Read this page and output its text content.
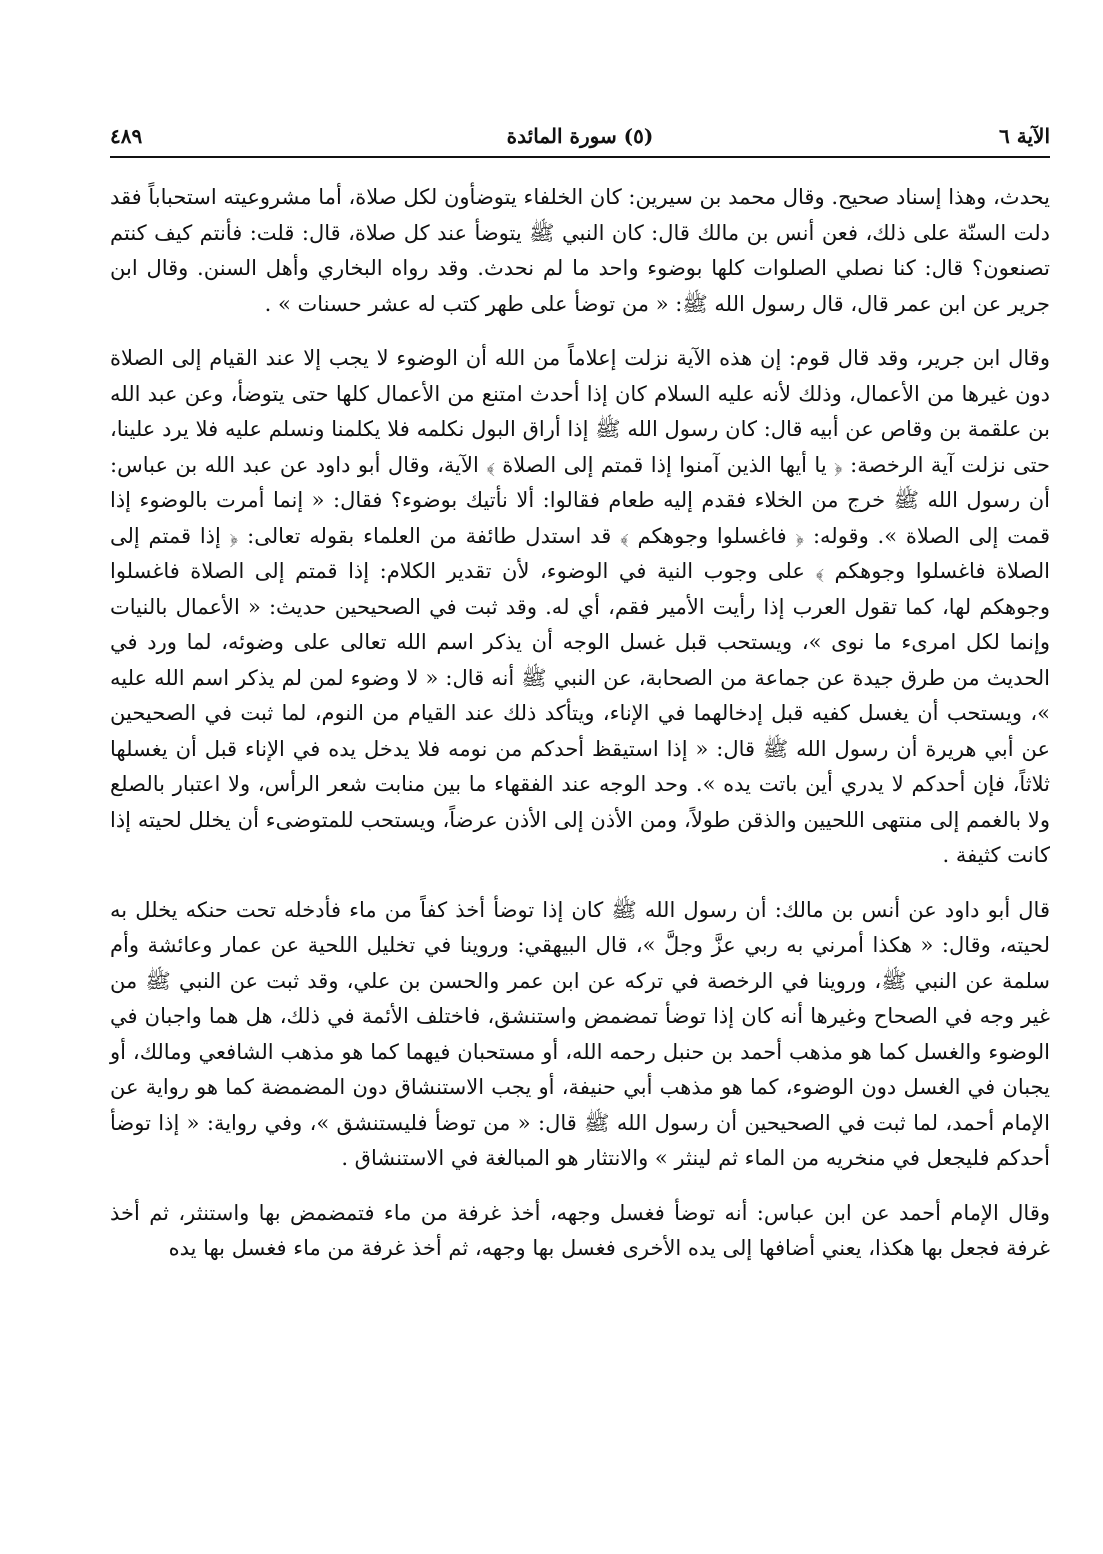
الآية ٦
(٥) سورة المائدة
٤٨٩

يحدث، وهذا إسناد صحيح. وقال محمد بن سيرين: كان الخلفاء يتوضأون لكل صلاة، أما مشروعيته استحباباً فقد دلت السنّة على ذلك، فعن أنس بن مالك قال: كان النبي ﷺ يتوضأ عند كل صلاة، قال: قلت: فأنتم كيف كنتم تصنعون؟ قال: كنا نصلي الصلوات كلها بوضوء واحد ما لم نحدث. وقد رواه البخاري وأهل السنن. وقال ابن جرير عن ابن عمر قال، قال رسول الله ﷺ: « من توضأ على طهر كتب له عشر حسنات » .

وقال ابن جرير، وقد قال قوم: إن هذه الآية نزلت إعلاماً من الله أن الوضوء لا يجب إلا عند القيام إلى الصلاة دون غيرها من الأعمال، وذلك لأنه عليه السلام كان إذا أحدث امتنع من الأعمال كلها حتى يتوضأ، وعن عبد الله بن علقمة بن وقاص عن أبيه قال: كان رسول الله ﷺ إذا أراق البول نكلمه فلا يكلمنا ونسلم عليه فلا يرد علينا، حتى نزلت آية الرخصة: ﴿ يا أيها الذين آمنوا إذا قمتم إلى الصلاة ﴾ الآية، وقال أبو داود عن عبد الله بن عباس: أن رسول الله ﷺ خرج من الخلاء فقدم إليه طعام فقالوا: ألا نأتيك بوضوء؟ فقال: « إنما أمرت بالوضوء إذا قمت إلى الصلاة ». وقوله: ﴿ فاغسلوا وجوهكم ﴾ قد استدل طائفة من العلماء بقوله تعالى: ﴿ إذا قمتم إلى الصلاة فاغسلوا وجوهكم ﴾ على وجوب النية في الوضوء، لأن تقدير الكلام: إذا قمتم إلى الصلاة فاغسلوا وجوهكم لها، كما تقول العرب إذا رأيت الأمير فقم، أي له. وقد ثبت في الصحيحين حديث: « الأعمال بالنيات وإنما لكل امرىء ما نوى »، ويستحب قبل غسل الوجه أن يذكر اسم الله تعالى على وضوئه، لما ورد في الحديث من طرق جيدة عن جماعة من الصحابة، عن النبي ﷺ أنه قال: « لا وضوء لمن لم يذكر اسم الله عليه »، ويستحب أن يغسل كفيه قبل إدخالهما في الإناء، ويتأكد ذلك عند القيام من النوم، لما ثبت في الصحيحين عن أبي هريرة أن رسول الله ﷺ قال: « إذا استيقظ أحدكم من نومه فلا يدخل يده في الإناء قبل أن يغسلها ثلاثاً، فإن أحدكم لا يدري أين باتت يده ». وحد الوجه عند الفقهاء ما بين منابت شعر الرأس، ولا اعتبار بالصلع ولا بالغمم إلى منتهى اللحيين والذقن طولاً، ومن الأذن إلى الأذن عرضاً، ويستحب للمتوضىء أن يخلل لحيته إذا كانت كثيفة .

قال أبو داود عن أنس بن مالك: أن رسول الله ﷺ كان إذا توضأ أخذ كفاً من ماء فأدخله تحت حنكه يخلل به لحيته، وقال: « هكذا أمرني به ربي عزَّ وجلَّ »، قال البيهقي: وروينا في تخليل اللحية عن عمار وعائشة وأم سلمة عن النبي ﷺ، وروينا في الرخصة في تركه عن ابن عمر والحسن بن علي، وقد ثبت عن النبي ﷺ من غير وجه في الصحاح وغيرها أنه كان إذا توضأ تمضمض واستنشق، فاختلف الأئمة في ذلك، هل هما واجبان في الوضوء والغسل كما هو مذهب أحمد بن حنبل رحمه الله، أو مستحبان فيهما كما هو مذهب الشافعي ومالك، أو يجبان في الغسل دون الوضوء، كما هو مذهب أبي حنيفة، أو يجب الاستنشاق دون المضمضة كما هو رواية عن الإمام أحمد، لما ثبت في الصحيحين أن رسول الله ﷺ قال: « من توضأ فليستنشق »، وفي رواية: « إذا توضأ أحدكم فليجعل في منخريه من الماء ثم لينثر » والانتثار هو المبالغة في الاستنشاق .

وقال الإمام أحمد عن ابن عباس: أنه توضأ فغسل وجهه، أخذ غرفة من ماء فتمضمض بها واستنثر، ثم أخذ غرفة فجعل بها هكذا، يعني أضافها إلى يده الأخرى فغسل بها وجهه، ثم أخذ غرفة من ماء فغسل بها يده
